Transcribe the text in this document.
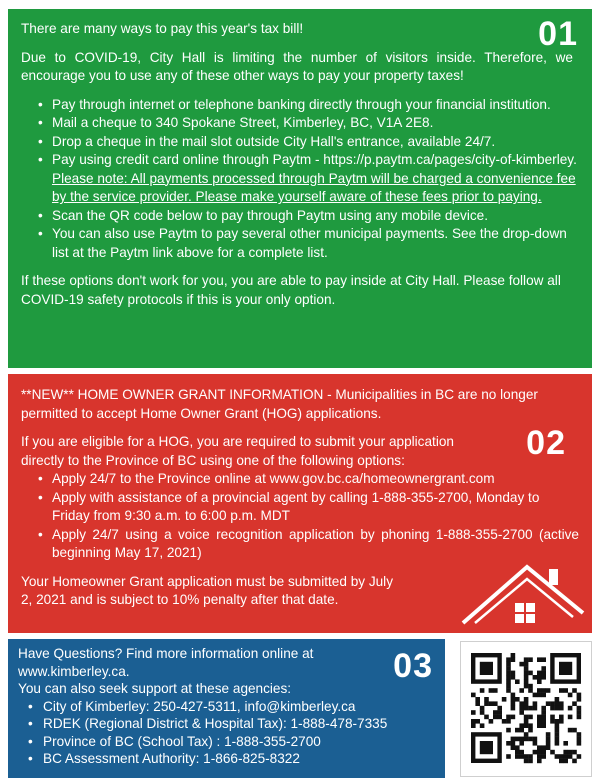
01

There are many ways to pay this year's tax bill!

Due to COVID-19, City Hall is limiting the number of visitors inside. Therefore, we encourage you to use any of these other ways to pay your property taxes!

• Pay through internet or telephone banking directly through your financial institution.
• Mail a cheque to 340 Spokane Street, Kimberley, BC, V1A 2E8.
• Drop a cheque in the mail slot outside City Hall's entrance, available 24/7.
• Pay using credit card online through Paytm - https://p.paytm.ca/pages/city-of-kimberley. Please note: All payments processed through Paytm will be charged a convenience fee by the service provider. Please make yourself aware of these fees prior to paying.
• Scan the QR code below to pay through Paytm using any mobile device.
• You can also use Paytm to pay several other municipal payments. See the drop-down list at the Paytm link above for a complete list.

If these options don't work for you, you are able to pay inside at City Hall. Please follow all COVID-19 safety protocols if this is your only option.

02

**NEW** HOME OWNER GRANT INFORMATION - Municipalities in BC are no longer permitted to accept Home Owner Grant (HOG) applications.

If you are eligible for a HOG, you are required to submit your application directly to the Province of BC using one of the following options:

• Apply 24/7 to the Province online at www.gov.bc.ca/homeownergrant.com
• Apply with assistance of a provincial agent by calling 1-888-355-2700, Monday to Friday from 9:30 a.m. to 6:00 p.m. MDT
• Apply 24/7 using a voice recognition application by phoning 1-888-355-2700 (active beginning May 17, 2021)

Your Homeowner Grant application must be submitted by July 2, 2021 and is subject to 10% penalty after that date.

03

Have Questions? Find more information online at www.kimberley.ca.

You can also seek support at these agencies:

• City of Kimberley: 250-427-5311, info@kimberley.ca
• RDEK (Regional District & Hospital Tax): 1-888-478-7335
• Province of BC (School Tax) : 1-888-355-2700
• BC Assessment Authority: 1-866-825-8322
